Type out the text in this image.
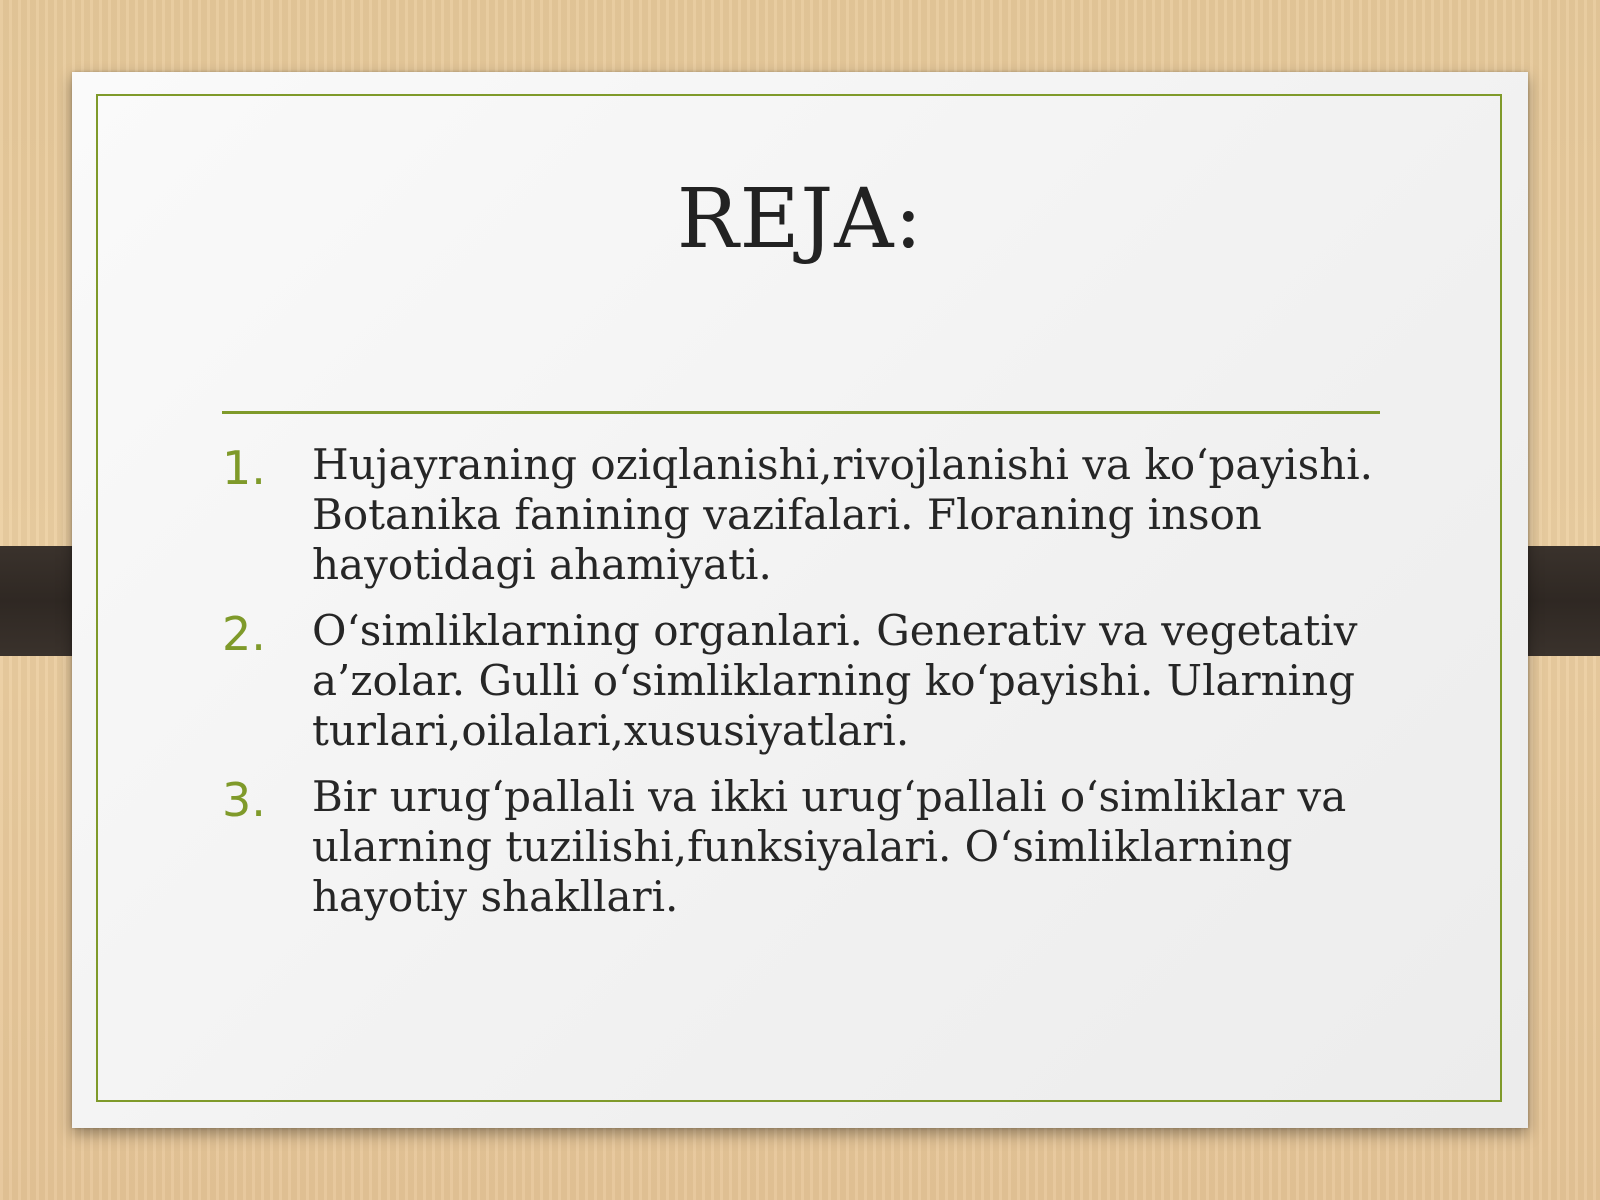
REJA:
1.	Hujayraning oziqlanishi,rivojlanishi va ko‘payishi. Botanika fanining vazifalari. Floraning inson hayotidagi ahamiyati.
2.	O‘simliklarning organlari. Generativ va vegetativ a’zolar. Gulli o‘simliklarning ko‘payishi. Ularning turlari,oilalari,xususiyatlari.
3.	Bir urug‘pallali va ikki urug‘pallali o‘simliklar va ularning tuzilishi,funksiyalari. O‘simliklarning hayotiy shakllari.
